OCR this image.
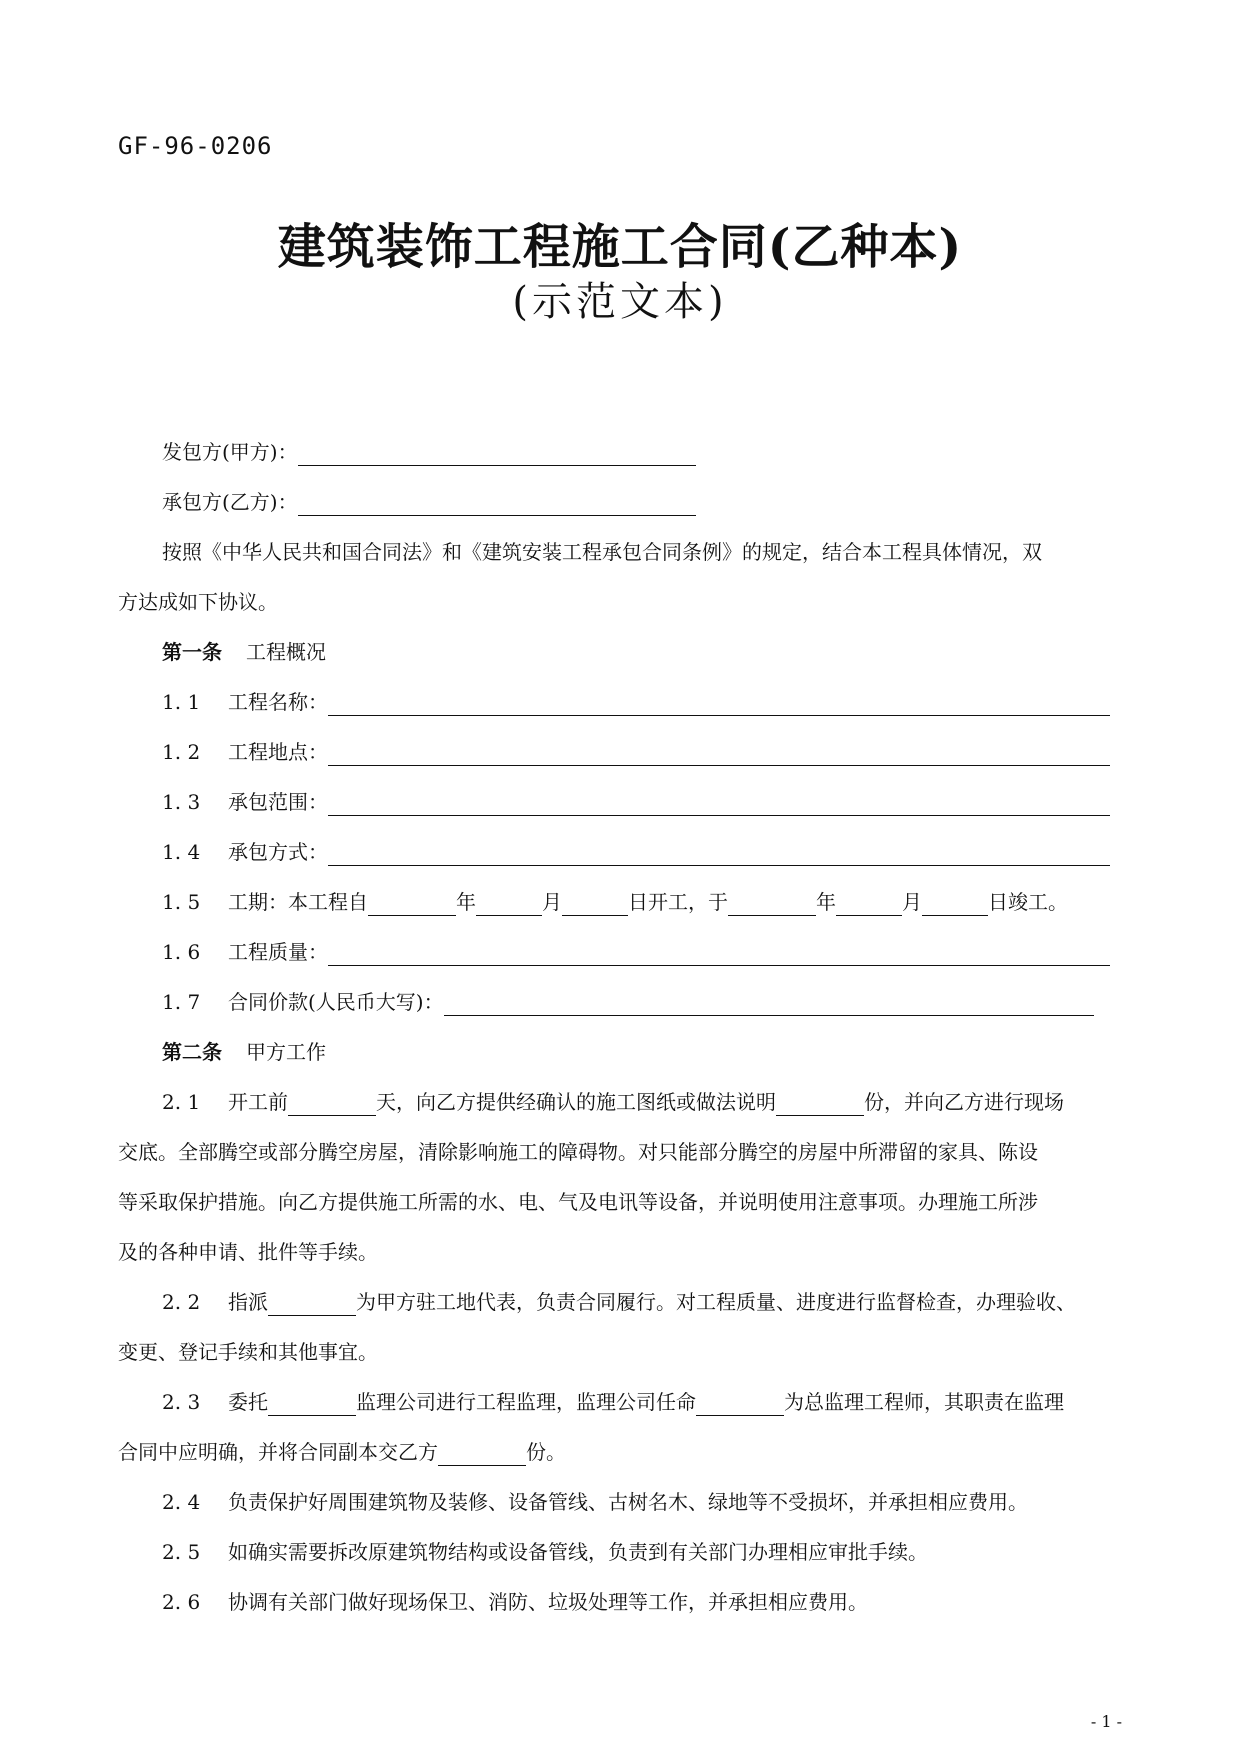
GF-96-0206
建筑装饰工程施工合同(乙种本)
(示范文本)
发包方(甲方)：
承包方(乙方)：
按照《中华人民共和国合同法》和《建筑安装工程承包合同条例》的规定，结合本工程具体情况，双
方达成如下协议。
第一条 工程概况
1. 1 工程名称：
1. 2 工程地点：
1. 3 承包范围：
1. 4 承包方式：
1. 5 工期：本工程自	年	月	日开工，于	年	月	日竣工。
1. 6 工程质量：
1. 7 合同价款(人民币大写)：
第二条 甲方工作
2. 1 开工前	天，向乙方提供经确认的施工图纸或做法说明	份，并向乙方进行现场
交底。全部腾空或部分腾空房屋，清除影响施工的障碍物。对只能部分腾空的房屋中所滞留的家具、陈设
等采取保护措施。向乙方提供施工所需的水、电、气及电讯等设备，并说明使用注意事项。办理施工所涉
及的各种申请、批件等手续。
2. 2 指派	为甲方驻工地代表，负责合同履行。对工程质量、进度进行监督检查，办理验收、
变更、登记手续和其他事宜。
2. 3 委托	监理公司进行工程监理，监理公司任命	为总监理工程师，其职责在监理
合同中应明确，并将合同副本交乙方	份。
2. 4 负责保护好周围建筑物及装修、设备管线、古树名木、绿地等不受损坏，并承担相应费用。
2. 5 如确实需要拆改原建筑物结构或设备管线，负责到有关部门办理相应审批手续。
2. 6 协调有关部门做好现场保卫、消防、垃圾处理等工作，并承担相应费用。
- 1 -
